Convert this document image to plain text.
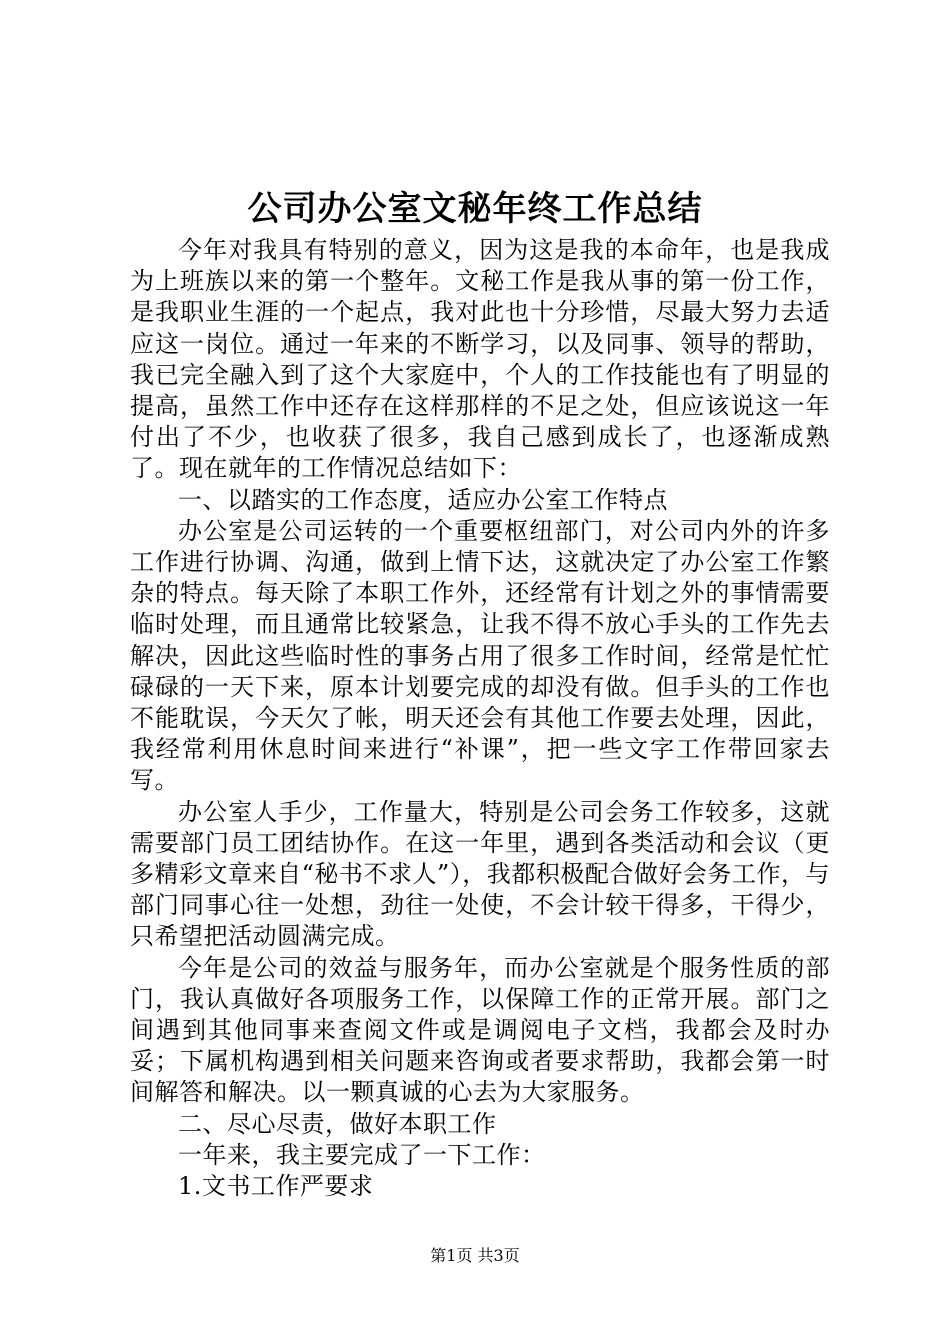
公司办公室文秘年终工作总结

今年对我具有特别的意义，因为这是我的本命年，也是我成为上班族以来的第一个整年。文秘工作是我从事的第一份工作，是我职业生涯的一个起点，我对此也十分珍惜，尽最大努力去适应这一岗位。通过一年来的不断学习，以及同事、领导的帮助，我已完全融入到了这个大家庭中，个人的工作技能也有了明显的提高，虽然工作中还存在这样那样的不足之处，但应该说这一年付出了不少，也收获了很多，我自己感到成长了，也逐渐成熟了。现在就年的工作情况总结如下：

一、以踏实的工作态度，适应办公室工作特点

办公室是公司运转的一个重要枢纽部门，对公司内外的许多工作进行协调、沟通，做到上情下达，这就决定了办公室工作繁杂的特点。每天除了本职工作外，还经常有计划之外的事情需要临时处理，而且通常比较紧急，让我不得不放心手头的工作先去解决，因此这些临时性的事务占用了很多工作时间，经常是忙忙碌碌的一天下来，原本计划要完成的却没有做。但手头的工作也不能耽误，今天欠了帐，明天还会有其他工作要去处理，因此，我经常利用休息时间来进行“补课”，把一些文字工作带回家去写。

办公室人手少，工作量大，特别是公司会务工作较多，这就需要部门员工团结协作。在这一年里，遇到各类活动和会议（更多精彩文章来自“秘书不求人”），我都积极配合做好会务工作，与部门同事心往一处想，劲往一处使，不会计较干得多，干得少，只希望把活动圆满完成。

今年是公司的效益与服务年，而办公室就是个服务性质的部门，我认真做好各项服务工作，以保障工作的正常开展。部门之间遇到其他同事来查阅文件或是调阅电子文档，我都会及时办妥；下属机构遇到相关问题来咨询或者要求帮助，我都会第一时间解答和解决。以一颗真诚的心去为大家服务。

二、尽心尽责，做好本职工作

一年来，我主要完成了一下工作：

1.文书工作严要求

第1页 共3页
